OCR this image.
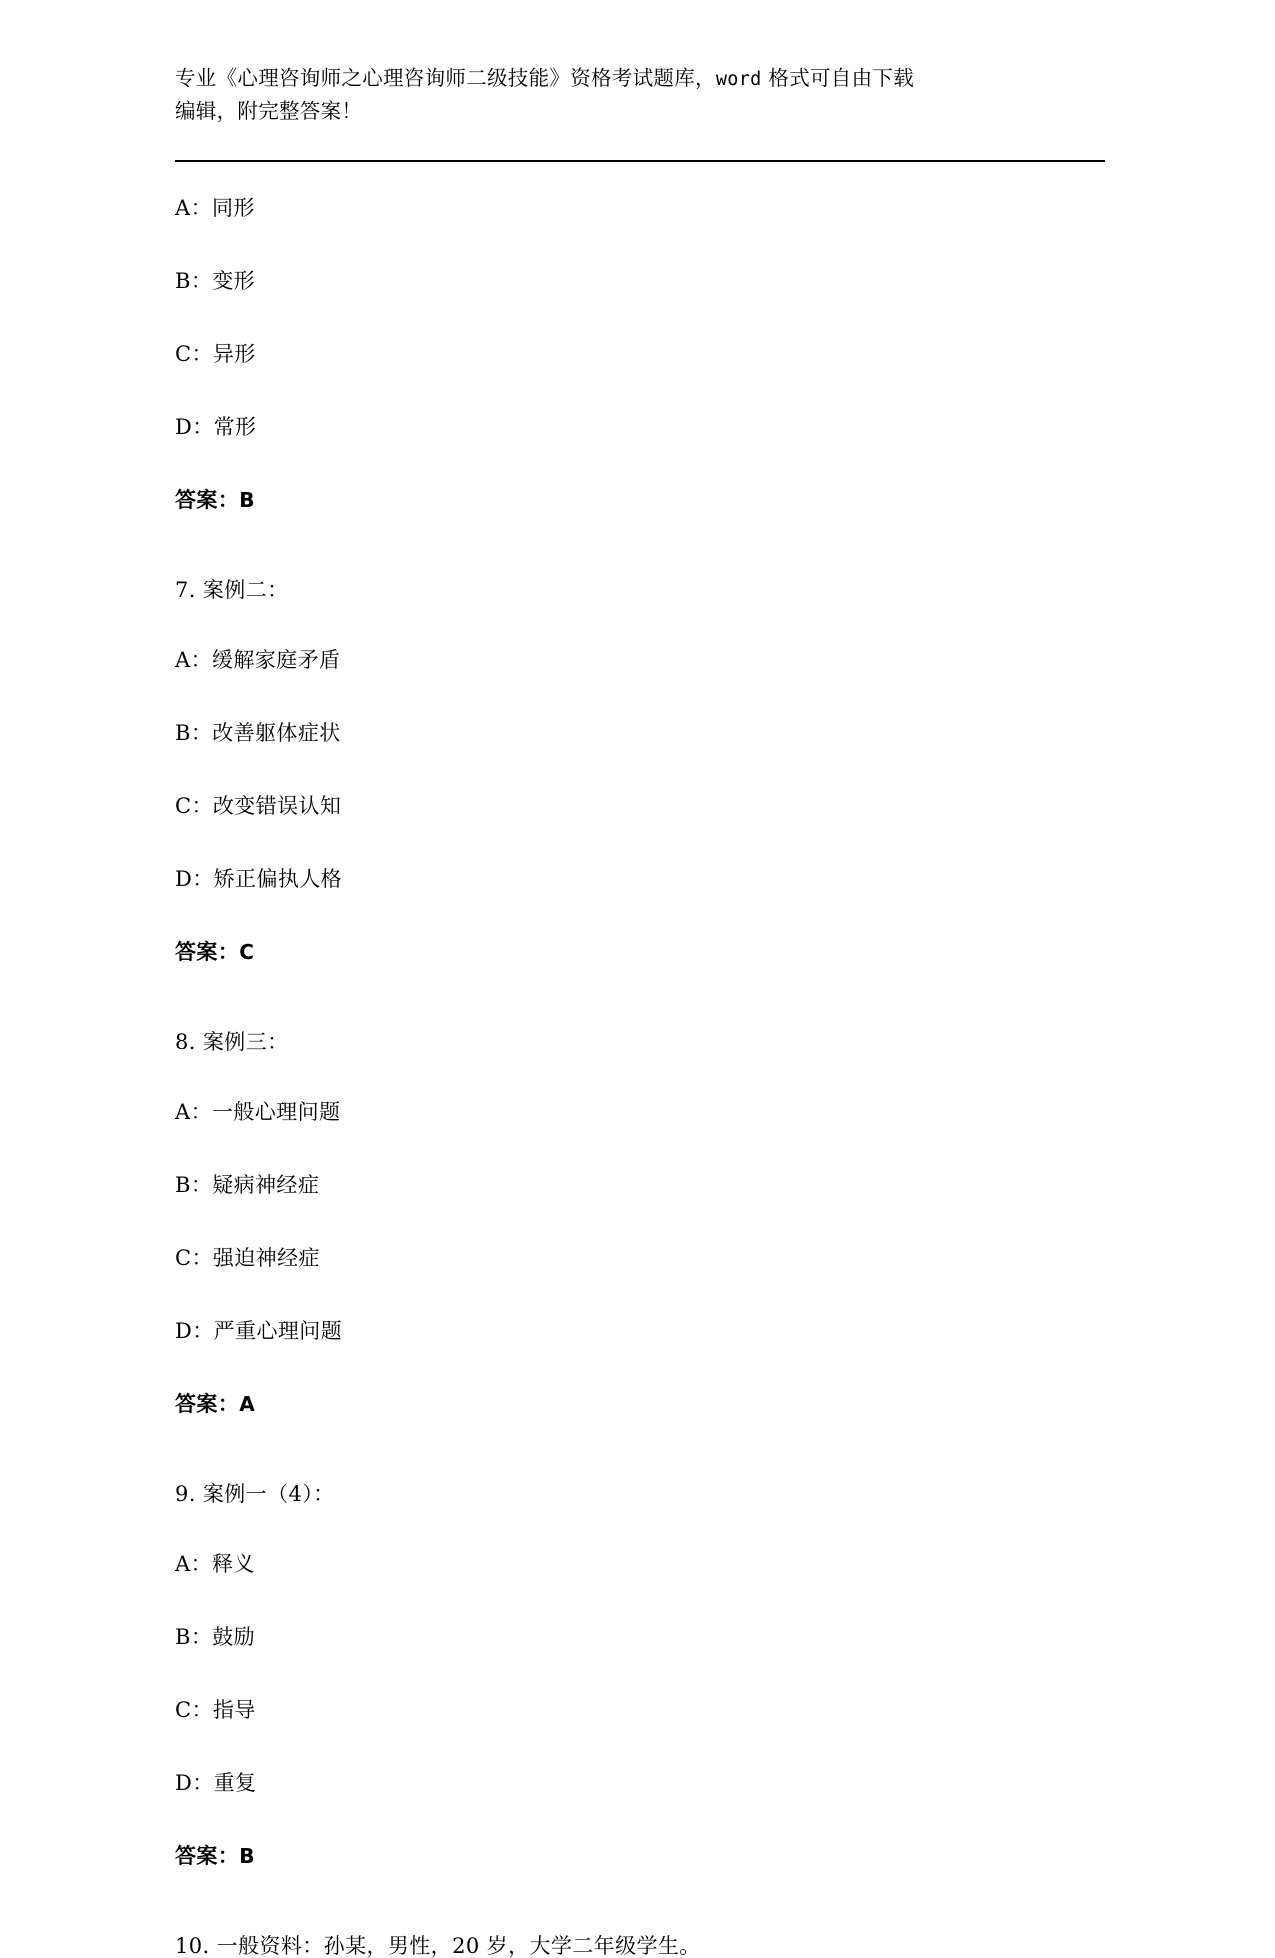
专业《心理咨询师之心理咨询师二级技能》资格考试题库，word 格式可自由下载
编辑，附完整答案！
A：同形
B：变形
C：异形
D：常形
答案：B
7. 案例二：
A：缓解家庭矛盾
B：改善躯体症状
C：改变错误认知
D：矫正偏执人格
答案：C
8. 案例三：
A：一般心理问题
B：疑病神经症
C：强迫神经症
D：严重心理问题
答案：A
9. 案例一（4）：
A：释义
B：鼓励
C：指导
D：重复
答案：B
10. 一般资料：孙某，男性，20 岁，大学二年级学生。
